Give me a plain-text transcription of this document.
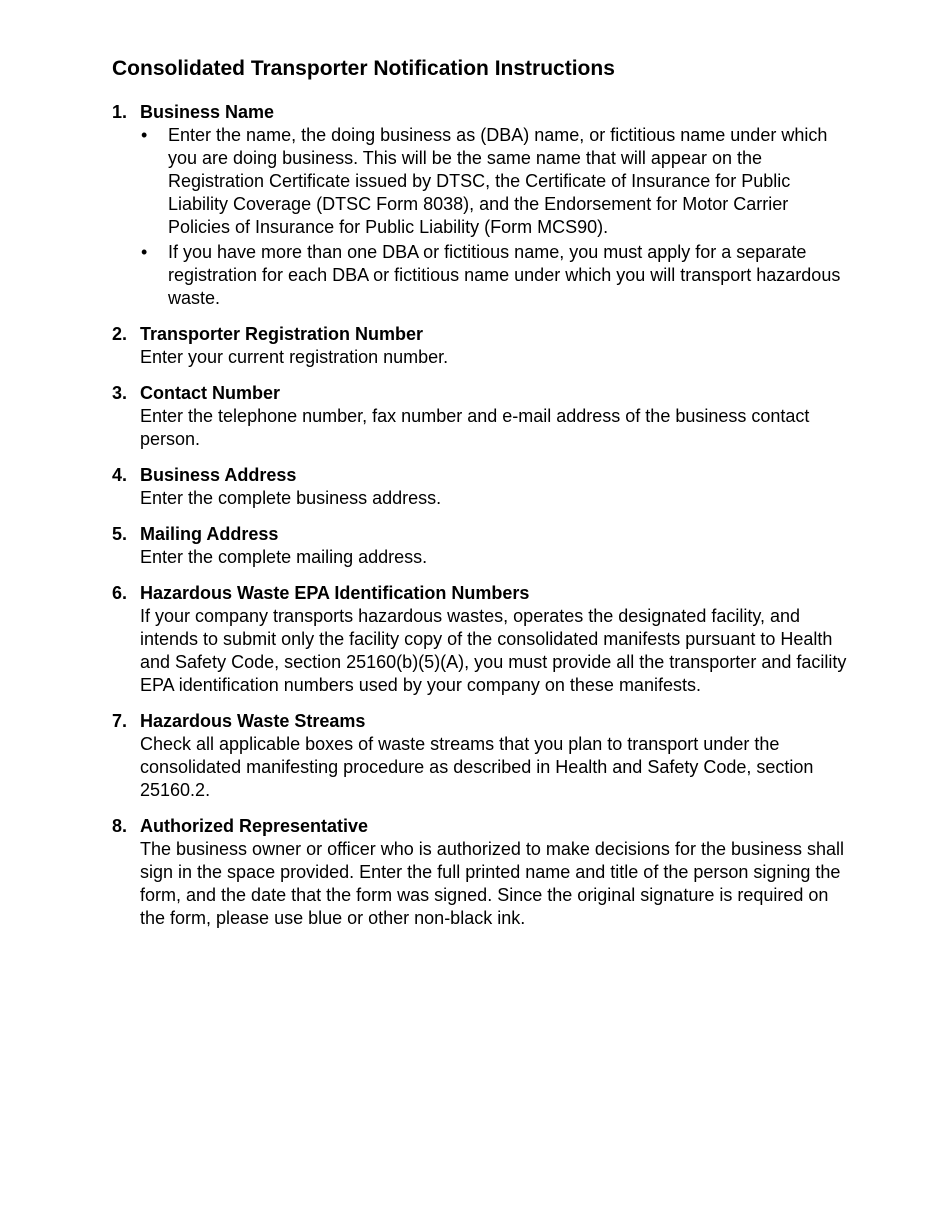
Consolidated Transporter Notification Instructions
1. Business Name

• Enter the name, the doing business as (DBA) name, or fictitious name under which you are doing business. This will be the same name that will appear on the Registration Certificate issued by DTSC, the Certificate of Insurance for Public Liability Coverage (DTSC Form 8038), and the Endorsement for Motor Carrier Policies of Insurance for Public Liability (Form MCS90).
• If you have more than one DBA or fictitious name, you must apply for a separate registration for each DBA or fictitious name under which you will transport hazardous waste.
2. Transporter Registration Number

Enter your current registration number.

3. Contact Number

Enter the telephone number, fax number and e-mail address of the business contact person.

4. Business Address

Enter the complete business address.

5. Mailing Address

Enter the complete mailing address.

6. Hazardous Waste EPA Identification Numbers

If your company transports hazardous wastes, operates the designated facility, and intends to submit only the facility copy of the consolidated manifests pursuant to Health and Safety Code, section 25160(b)(5)(A), you must provide all the transporter and facility EPA identification numbers used by your company on these manifests.

7. Hazardous Waste Streams

Check all applicable boxes of waste streams that you plan to transport under the consolidated manifesting procedure as described in Health and Safety Code, section 25160.2.

8. Authorized Representative

The business owner or officer who is authorized to make decisions for the business shall sign in the space provided. Enter the full printed name and title of the person signing the form, and the date that the form was signed. Since the original signature is required on the form, please use blue or other non-black ink.
